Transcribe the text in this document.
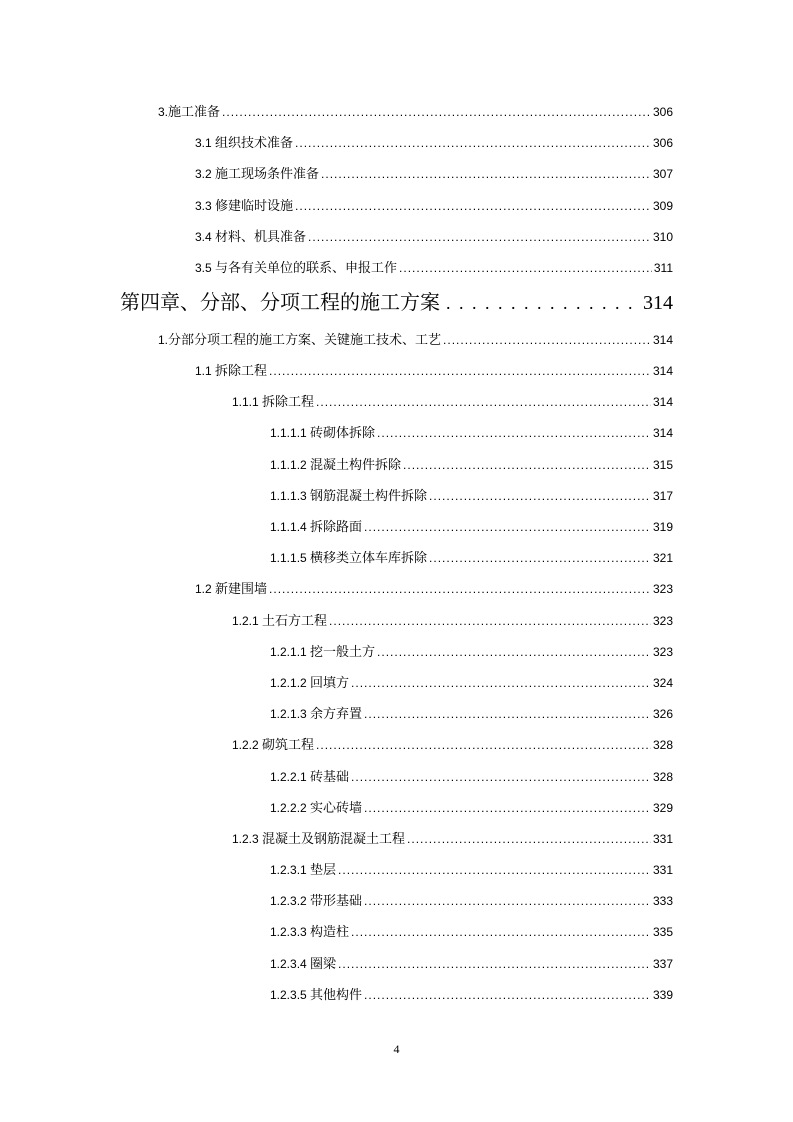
3.施工准备 .....	306
3.1 组织技术准备 .....	306
3.2 施工现场条件准备 .....	307
3.3 修建临时设施 .....	309
3.4 材料、机具准备 .....	310
3.5 与各有关单位的联系、申报工作 .....	311
第四章、分部、分项工程的施工方案 . . .	314
1.分部分项工程的施工方案、关键施工技术、工艺 .....	314
1.1 拆除工程 .....	314
1.1.1 拆除工程 .....	314
1.1.1.1 砖砌体拆除 .....	314
1.1.1.2 混凝土构件拆除 .....	315
1.1.1.3 钢筋混凝土构件拆除 .....	317
1.1.1.4 拆除路面 .....	319
1.1.1.5 横移类立体车库拆除 .....	321
1.2 新建围墙 .....	323
1.2.1 土石方工程 .....	323
1.2.1.1 挖一般土方 .....	323
1.2.1.2 回填方 .....	324
1.2.1.3 余方弃置 .....	326
1.2.2 砌筑工程 .....	328
1.2.2.1 砖基础 .....	328
1.2.2.2 实心砖墙 .....	329
1.2.3 混凝土及钢筋混凝土工程 .....	331
1.2.3.1 垫层 .....	331
1.2.3.2 带形基础 .....	333
1.2.3.3 构造柱 .....	335
1.2.3.4 圈梁 .....	337
1.2.3.5 其他构件 .....	339
4
